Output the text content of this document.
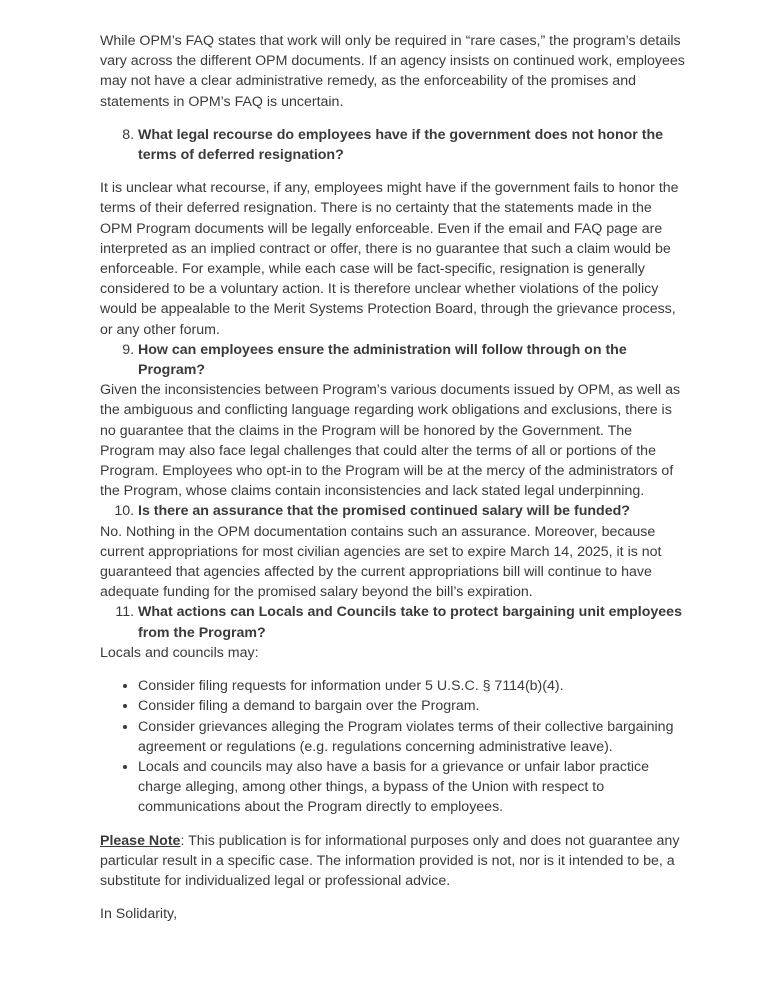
While OPM’s FAQ states that work will only be required in “rare cases,” the program’s details vary across the different OPM documents. If an agency insists on continued work, employees may not have a clear administrative remedy, as the enforceability of the promises and statements in OPM’s FAQ is uncertain.

8. What legal recourse do employees have if the government does not honor the terms of deferred resignation?

It is unclear what recourse, if any, employees might have if the government fails to honor the terms of their deferred resignation. There is no certainty that the statements made in the OPM Program documents will be legally enforceable. Even if the email and FAQ page are interpreted as an implied contract or offer, there is no guarantee that such a claim would be enforceable. For example, while each case will be fact-specific, resignation is generally considered to be a voluntary action. It is therefore unclear whether violations of the policy would be appealable to the Merit Systems Protection Board, through the grievance process, or any other forum.

9. How can employees ensure the administration will follow through on the Program?

Given the inconsistencies between Program’s various documents issued by OPM, as well as the ambiguous and conflicting language regarding work obligations and exclusions, there is no guarantee that the claims in the Program will be honored by the Government. The Program may also face legal challenges that could alter the terms of all or portions of the Program. Employees who opt-in to the Program will be at the mercy of the administrators of the Program, whose claims contain inconsistencies and lack stated legal underpinning.

10. Is there an assurance that the promised continued salary will be funded?

No. Nothing in the OPM documentation contains such an assurance. Moreover, because current appropriations for most civilian agencies are set to expire March 14, 2025, it is not guaranteed that agencies affected by the current appropriations bill will continue to have adequate funding for the promised salary beyond the bill’s expiration.

11. What actions can Locals and Councils take to protect bargaining unit employees from the Program?

Locals and councils may:

• Consider filing requests for information under 5 U.S.C. § 7114(b)(4).
• Consider filing a demand to bargain over the Program.
• Consider grievances alleging the Program violates terms of their collective bargaining agreement or regulations (e.g. regulations concerning administrative leave).
• Locals and councils may also have a basis for a grievance or unfair labor practice charge alleging, among other things, a bypass of the Union with respect to communications about the Program directly to employees.

Please Note: This publication is for informational purposes only and does not guarantee any particular result in a specific case. The information provided is not, nor is it intended to be, a substitute for individualized legal or professional advice.

In Solidarity,
